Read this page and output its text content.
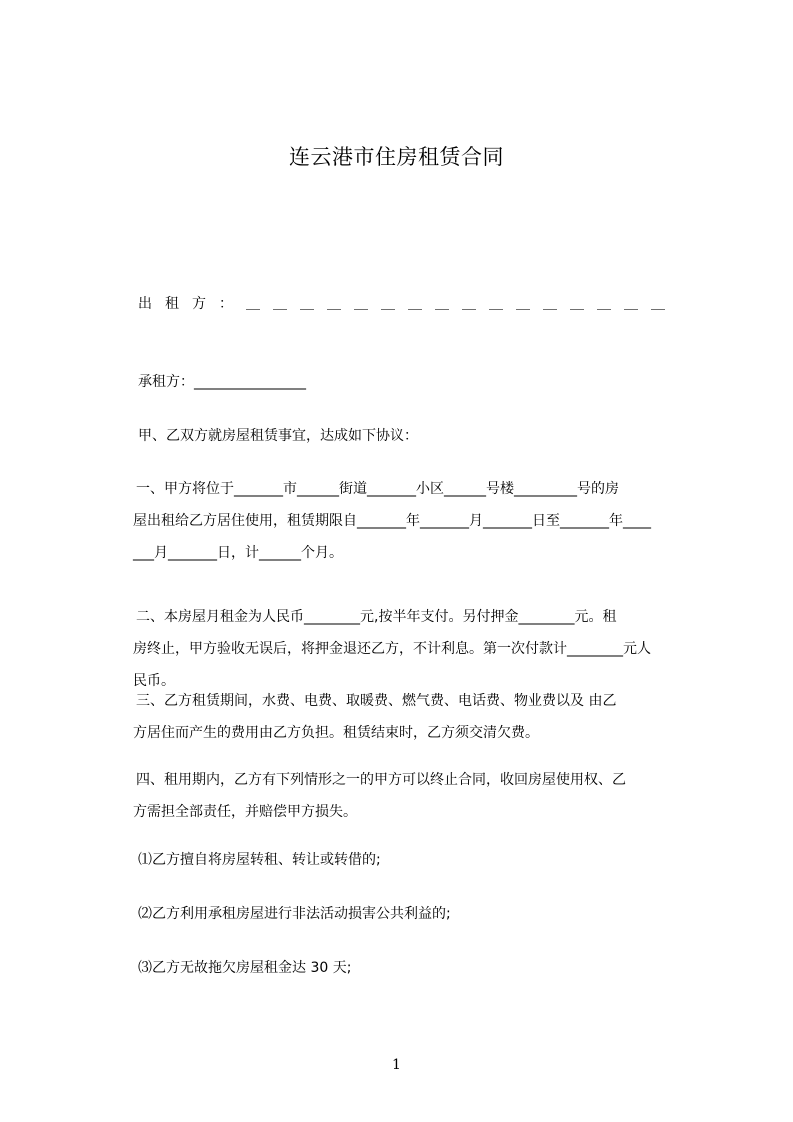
连云港市住房租赁合同
出租方：＿＿＿＿＿＿＿＿＿＿＿＿＿＿＿＿
承租方：________________
甲、乙双方就房屋租赁事宜，达成如下协议：
一、甲方将位于_______市______街道_______小区______号楼_________号的房
屋出租给乙方居住使用，租赁期限自_______年_______月_______日至_______年____
___月_______日，计______个月。
二、本房屋月租金为人民币________元,按半年支付。另付押金________元。租
房终止，甲方验收无误后，将押金退还乙方，不计利息。第一次付款计________元人
民币。
三、乙方租赁期间，水费、电费、取暖费、燃气费、电话费、物业费以及 由乙
方居住而产生的费用由乙方负担。租赁结束时，乙方须交清欠费。
四、租用期内，乙方有下列情形之一的甲方可以终止合同，收回房屋使用权、乙
方需担全部责任，并赔偿甲方损失。
⑴乙方擅自将房屋转租、转让或转借的;
⑵乙方利用承租房屋进行非法活动损害公共利益的;
⑶乙方无故拖欠房屋租金达 30 天;
1
